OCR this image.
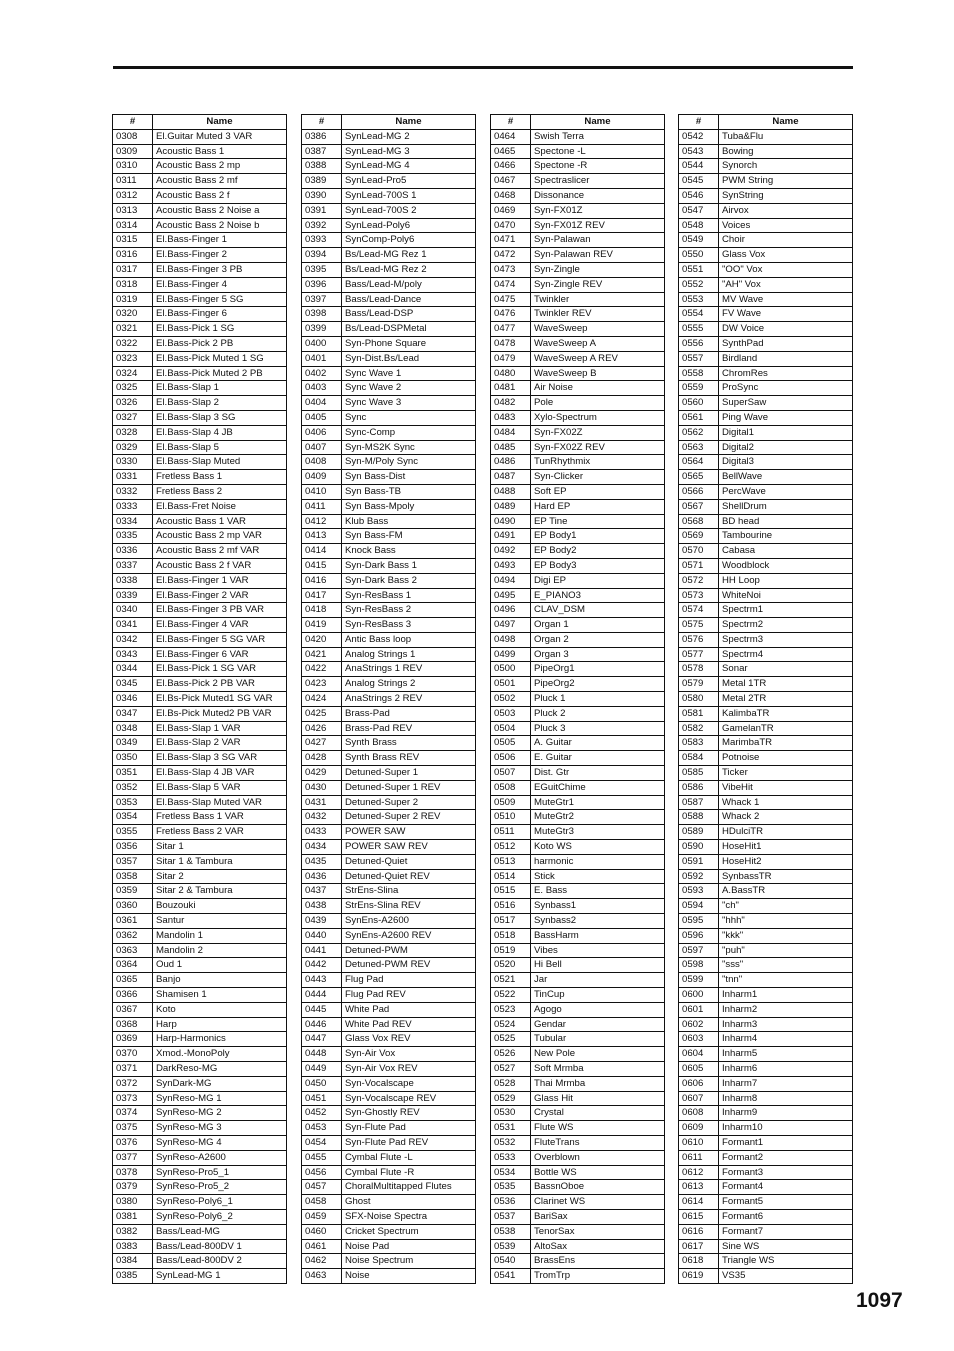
#	Name
0308	El.Guitar Muted 3 VAR
0309	Acoustic Bass 1
0310	Acoustic Bass 2 mp
0311	Acoustic Bass 2 mf
0312	Acoustic Bass 2 f
0313	Acoustic Bass 2 Noise a
0314	Acoustic Bass 2 Noise b
0315	El.Bass-Finger 1
0316	El.Bass-Finger 2
0317	El.Bass-Finger 3 PB
0318	El.Bass-Finger 4
0319	El.Bass-Finger 5 SG
0320	El.Bass-Finger 6
0321	El.Bass-Pick 1 SG
0322	El.Bass-Pick 2 PB
0323	El.Bass-Pick Muted 1 SG
0324	El.Bass-Pick Muted 2 PB
0325	El.Bass-Slap 1
0326	El.Bass-Slap 2
0327	El.Bass-Slap 3 SG
0328	El.Bass-Slap 4 JB
0329	El.Bass-Slap 5
0330	El.Bass-Slap Muted
0331	Fretless Bass 1
0332	Fretless Bass 2
0333	El.Bass-Fret Noise
0334	Acoustic Bass 1 VAR
0335	Acoustic Bass 2 mp VAR
0336	Acoustic Bass 2 mf VAR
0337	Acoustic Bass 2 f VAR
0338	El.Bass-Finger 1 VAR
0339	El.Bass-Finger 2 VAR
0340	El.Bass-Finger 3 PB VAR
0341	El.Bass-Finger 4 VAR
0342	El.Bass-Finger 5 SG VAR
0343	El.Bass-Finger 6 VAR
0344	El.Bass-Pick 1 SG VAR
0345	El.Bass-Pick 2 PB VAR
0346	El.Bs-Pick Muted1 SG VAR
0347	El.Bs-Pick Muted2 PB VAR
0348	El.Bass-Slap 1 VAR
0349	El.Bass-Slap 2 VAR
0350	El.Bass-Slap 3 SG VAR
0351	El.Bass-Slap 4 JB VAR
0352	El.Bass-Slap 5 VAR
0353	El.Bass-Slap Muted VAR
0354	Fretless Bass 1 VAR
0355	Fretless Bass 2 VAR
0356	Sitar 1
0357	Sitar 1 & Tambura
0358	Sitar 2
0359	Sitar 2 & Tambura
0360	Bouzouki
0361	Santur
0362	Mandolin 1
0363	Mandolin 2
0364	Oud 1
0365	Banjo
0366	Shamisen 1
0367	Koto
0368	Harp
0369	Harp-Harmonics
0370	Xmod.-MonoPoly
0371	DarkReso-MG
0372	SynDark-MG
0373	SynReso-MG 1
0374	SynReso-MG 2
0375	SynReso-MG 3
0376	SynReso-MG 4
0377	SynReso-A2600
0378	SynReso-Pro5_1
0379	SynReso-Pro5_2
0380	SynReso-Poly6_1
0381	SynReso-Poly6_2
0382	Bass/Lead-MG
0383	Bass/Lead-800DV 1
0384	Bass/Lead-800DV 2
0385	SynLead-MG 1
#	Name
0386	SynLead-MG 2
0387	SynLead-MG 3
0388	SynLead-MG 4
0389	SynLead-Pro5
0390	SynLead-700S 1
0391	SynLead-700S 2
0392	SynLead-Poly6
0393	SynComp-Poly6
0394	Bs/Lead-MG Rez 1
0395	Bs/Lead-MG Rez 2
0396	Bass/Lead-M/poly
0397	Bass/Lead-Dance
0398	Bass/Lead-DSP
0399	Bs/Lead-DSPMetal
0400	Syn-Phone Square
0401	Syn-Dist.Bs/Lead
0402	Sync Wave 1
0403	Sync Wave 2
0404	Sync Wave 3
0405	Sync
0406	Sync-Comp
0407	Syn-MS2K Sync
0408	Syn-M/Poly Sync
0409	Syn Bass-Dist
0410	Syn Bass-TB
0411	Syn Bass-Mpoly
0412	Klub Bass
0413	Syn Bass-FM
0414	Knock Bass
0415	Syn-Dark Bass 1
0416	Syn-Dark Bass 2
0417	Syn-ResBass 1
0418	Syn-ResBass 2
0419	Syn-ResBass 3
0420	Antic Bass loop
0421	Analog Strings 1
0422	AnaStrings 1 REV
0423	Analog Strings 2
0424	AnaStrings 2 REV
0425	Brass-Pad
0426	Brass-Pad REV
0427	Synth Brass
0428	Synth Brass REV
0429	Detuned-Super 1
0430	Detuned-Super 1 REV
0431	Detuned-Super 2
0432	Detuned-Super 2 REV
0433	POWER SAW
0434	POWER SAW REV
0435	Detuned-Quiet
0436	Detuned-Quiet REV
0437	StrEns-Slina
0438	StrEns-Slina REV
0439	SynEns-A2600
0440	SynEns-A2600 REV
0441	Detuned-PWM
0442	Detuned-PWM REV
0443	Flug Pad
0444	Flug Pad REV
0445	White Pad
0446	White Pad REV
0447	Glass Vox REV
0448	Syn-Air Vox
0449	Syn-Air Vox REV
0450	Syn-Vocalscape
0451	Syn-Vocalscape REV
0452	Syn-Ghostly REV
0453	Syn-Flute Pad
0454	Syn-Flute Pad REV
0455	Cymbal Flute -L
0456	Cymbal Flute -R
0457	ChoralMultitapped Flutes
0458	Ghost
0459	SFX-Noise Spectra
0460	Cricket Spectrum
0461	Noise Pad
0462	Noise Spectrum
0463	Noise
#	Name
0464	Swish Terra
0465	Spectone -L
0466	Spectone -R
0467	Spectraslicer
0468	Dissonance
0469	Syn-FX01Z
0470	Syn-FX01Z REV
0471	Syn-Palawan
0472	Syn-Palawan REV
0473	Syn-Zingle
0474	Syn-Zingle REV
0475	Twinkler
0476	Twinkler REV
0477	WaveSweep
0478	WaveSweep A
0479	WaveSweep A REV
0480	WaveSweep B
0481	Air Noise
0482	Pole
0483	Xylo-Spectrum
0484	Syn-FX02Z
0485	Syn-FX02Z REV
0486	TunRhythmix
0487	Syn-Clicker
0488	Soft EP
0489	Hard EP
0490	EP Tine
0491	EP Body1
0492	EP Body2
0493	EP Body3
0494	Digi EP
0495	E_PIANO3
0496	CLAV_DSM
0497	Organ 1
0498	Organ 2
0499	Organ 3
0500	PipeOrg1
0501	PipeOrg2
0502	Pluck 1
0503	Pluck 2
0504	Pluck 3
0505	A. Guitar
0506	E. Guitar
0507	Dist. Gtr
0508	EGuitChime
0509	MuteGtr1
0510	MuteGtr2
0511	MuteGtr3
0512	Koto WS
0513	harmonic
0514	Stick
0515	E. Bass
0516	Synbass1
0517	Synbass2
0518	BassHarm
0519	Vibes
0520	Hi Bell
0521	Jar
0522	TinCup
0523	Agogo
0524	Gendar
0525	Tubular
0526	New Pole
0527	Soft Mrmba
0528	Thai Mrmba
0529	Glass Hit
0530	Crystal
0531	Flute WS
0532	FluteTrans
0533	Overblown
0534	Bottle WS
0535	BassnOboe
0536	Clarinet WS
0537	BariSax
0538	TenorSax
0539	AltoSax
0540	BrassEns
0541	TromTrp
#	Name
0542	Tuba&Flu
0543	Bowing
0544	Synorch
0545	PWM String
0546	SynString
0547	Airvox
0548	Voices
0549	Choir
0550	Glass Vox
0551	"OO" Vox
0552	"AH" Vox
0553	MV Wave
0554	FV Wave
0555	DW Voice
0556	SynthPad
0557	Birdland
0558	ChromRes
0559	ProSync
0560	SuperSaw
0561	Ping Wave
0562	Digital1
0563	Digital2
0564	Digital3
0565	BellWave
0566	PercWave
0567	ShellDrum
0568	BD head
0569	Tambourine
0570	Cabasa
0571	Woodblock
0572	HH Loop
0573	WhiteNoi
0574	Spectrm1
0575	Spectrm2
0576	Spectrm3
0577	Spectrm4
0578	Sonar
0579	Metal 1TR
0580	Metal 2TR
0581	KalimbaTR
0582	GamelanTR
0583	MarimbaTR
0584	Potnoise
0585	Ticker
0586	VibeHit
0587	Whack 1
0588	Whack 2
0589	HDulciTR
0590	HoseHit1
0591	HoseHit2
0592	SynbassTR
0593	A.BassTR
0594	"ch"
0595	"hhh"
0596	"kkk"
0597	"puh"
0598	"sss"
0599	"tnn"
0600	Inharm1
0601	Inharm2
0602	Inharm3
0603	Inharm4
0604	Inharm5
0605	Inharm6
0606	Inharm7
0607	Inharm8
0608	Inharm9
0609	Inharm10
0610	Formant1
0611	Formant2
0612	Formant3
0613	Formant4
0614	Formant5
0615	Formant6
0616	Formant7
0617	Sine WS
0618	Triangle WS
0619	VS35
1097
